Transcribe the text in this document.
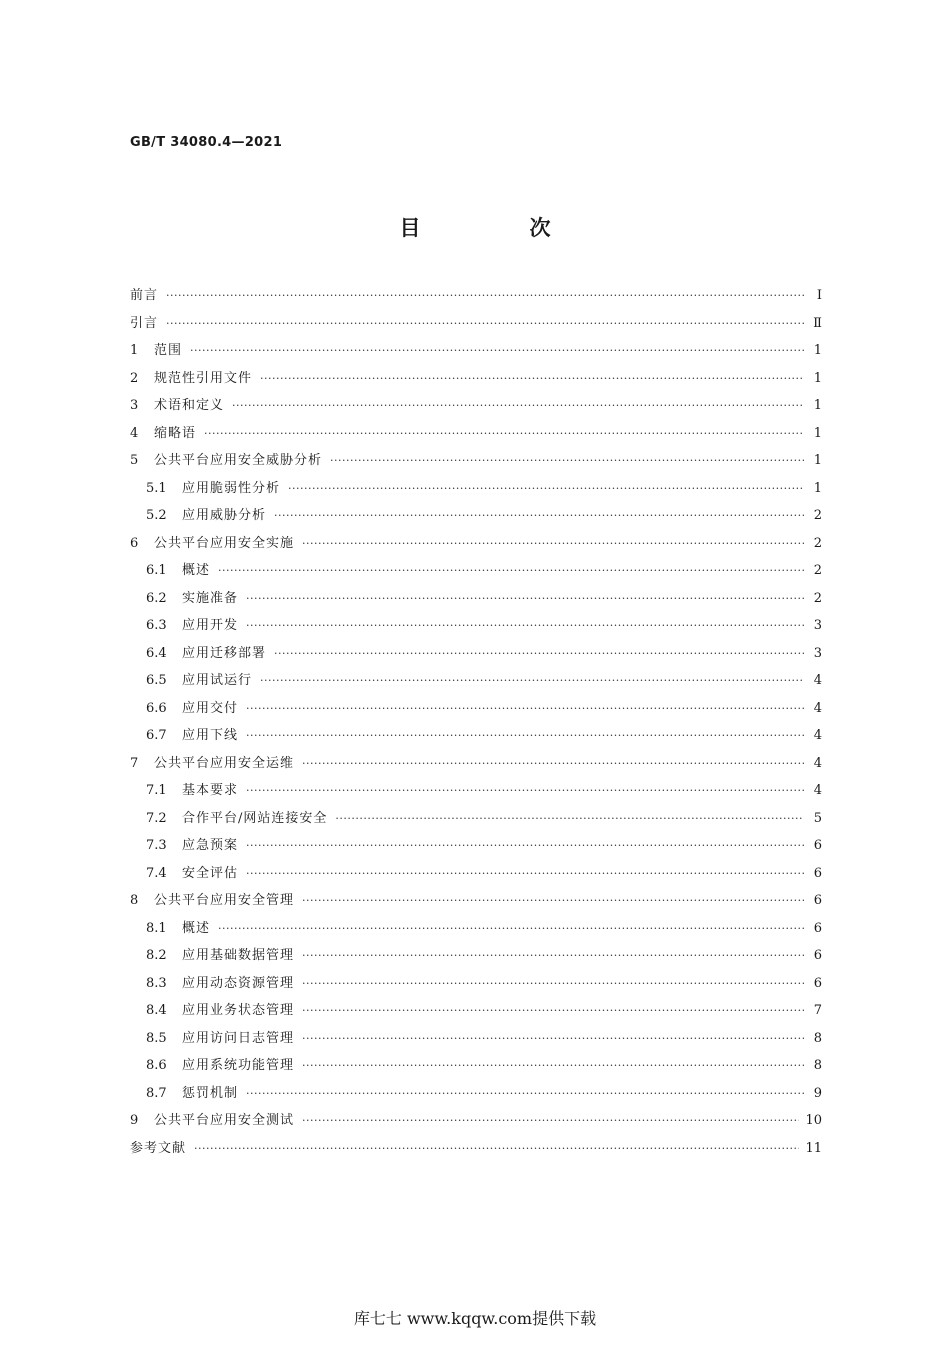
GB/T 34080.4—2021
目　次
前言 ·····	Ⅰ
引言 ·····	Ⅱ
1	范围 ·····	1
2	规范性引用文件 ·····	1
3	术语和定义 ·····	1
4	缩略语 ·····	1
5	公共平台应用安全威胁分析 ·····	1
5.1	应用脆弱性分析 ·····	1
5.2	应用威胁分析 ·····	2
6	公共平台应用安全实施 ·····	2
6.1	概述 ·····	2
6.2	实施准备 ·····	2
6.3	应用开发 ·····	3
6.4	应用迁移部署 ·····	3
6.5	应用试运行 ·····	4
6.6	应用交付 ·····	4
6.7	应用下线 ·····	4
7	公共平台应用安全运维 ·····	4
7.1	基本要求 ·····	4
7.2	合作平台/网站连接安全 ·····	5
7.3	应急预案 ·····	6
7.4	安全评估 ·····	6
8	公共平台应用安全管理 ·····	6
8.1	概述 ·····	6
8.2	应用基础数据管理 ·····	6
8.3	应用动态资源管理 ·····	6
8.4	应用业务状态管理 ·····	7
8.5	应用访问日志管理 ·····	8
8.6	应用系统功能管理 ·····	8
8.7	惩罚机制 ·····	9
9	公共平台应用安全测试 ·····	10
参考文献 ·····	11
库七七 www.kqqw.com提供下载
